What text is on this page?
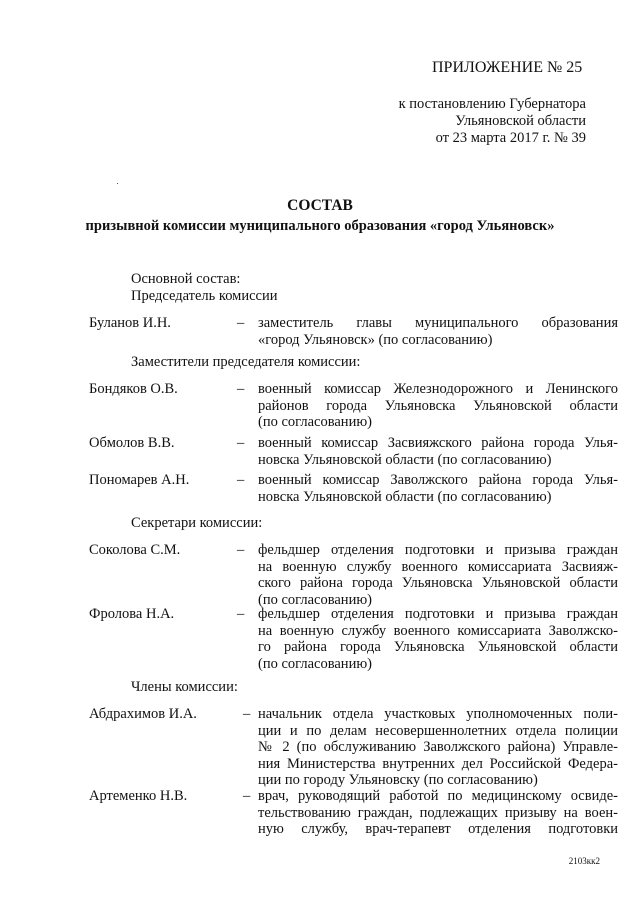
ПРИЛОЖЕНИЕ № 25
к постановлению Губернатора
Ульяновской области
от 23 марта 2017 г. № 39
СОСТАВ
призывной комиссии муниципального образования «город Ульяновск»
Основной состав:
Председатель комиссии
Заместители председателя комиссии:
Секретари комиссии:
Члены комиссии:
Буланов И.Н.	– заместитель главы муниципального образования
«город Ульяновск» (по согласованию)
Бондяков О.В.	– военный комиссар Железнодорожного и Ленинского
районов города Ульяновска Ульяновской области
(по согласованию)
Обмолов В.В.	– военный комиссар Засвияжского района города Улья-
новска Ульяновской области (по согласованию)
Пономарев А.Н.	– военный комиссар Заволжского района города Улья-
новска Ульяновской области (по согласованию)
Соколова С.М.	– фельдшер отделения подготовки и призыва граждан
на военную службу военного комиссариата Засвияж-
ского района города Ульяновска Ульяновской области
(по согласованию)
Фролова Н.А.	– фельдшер отделения подготовки и призыва граждан
на военную службу военного комиссариата Заволжско-
го района города Ульяновска Ульяновской области
(по согласованию)
Абдрахимов И.А.	– начальник отдела участковых уполномоченных поли-
ции и по делам несовершеннолетних отдела полиции
№ 2 (по обслуживанию Заволжского района) Управле-
ния Министерства внутренних дел Российской Федера-
ции по городу Ульяновску (по согласованию)
Артеменко Н.В.	– врач, руководящий работой по медицинскому освиде-
тельствованию граждан, подлежащих призыву на воен-
ную службу, врач-терапевт отделения подготовки
2103кк2
